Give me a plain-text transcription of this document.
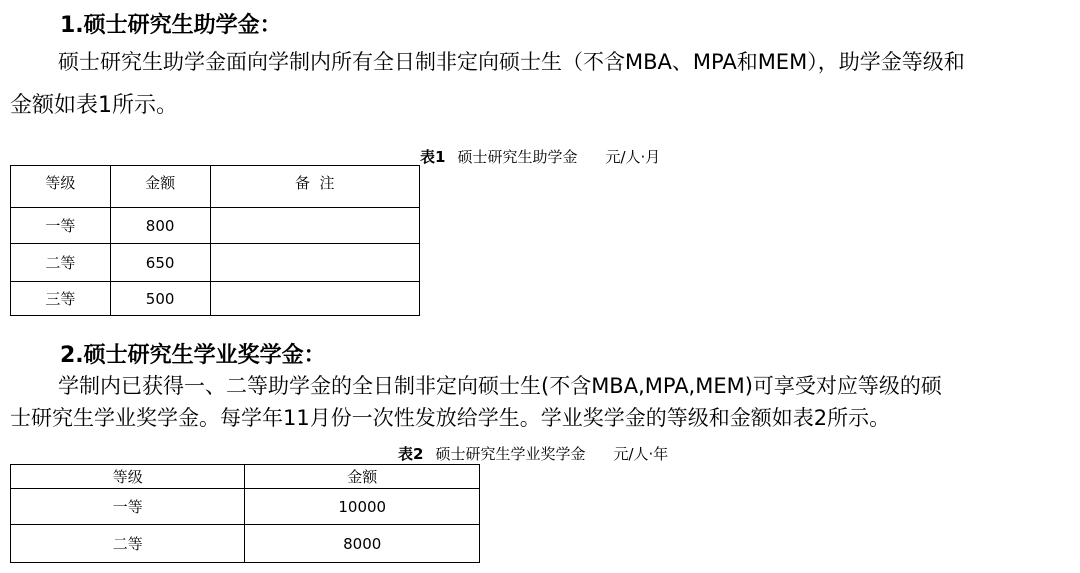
1.硕士研究生助学金：
硕士研究生助学金面向学制内所有全日制非定向硕士生（不含MBA、MPA和MEM），助学金等级和
金额如表1所示。
表1 硕士研究生助学金 元/人·月
等级	金额	备  注
一等	800	
二等	650	
三等	500	
2.硕士研究生学业奖学金：
学制内已获得一、二等助学金的全日制非定向硕士生(不含MBA,MPA,MEM)可享受对应等级的硕
士研究生学业奖学金。每学年11月份一次性发放给学生。学业奖学金的等级和金额如表2所示。
表2 硕士研究生学业奖学金 元/人·年
等级	金额
一等	10000
二等	8000
